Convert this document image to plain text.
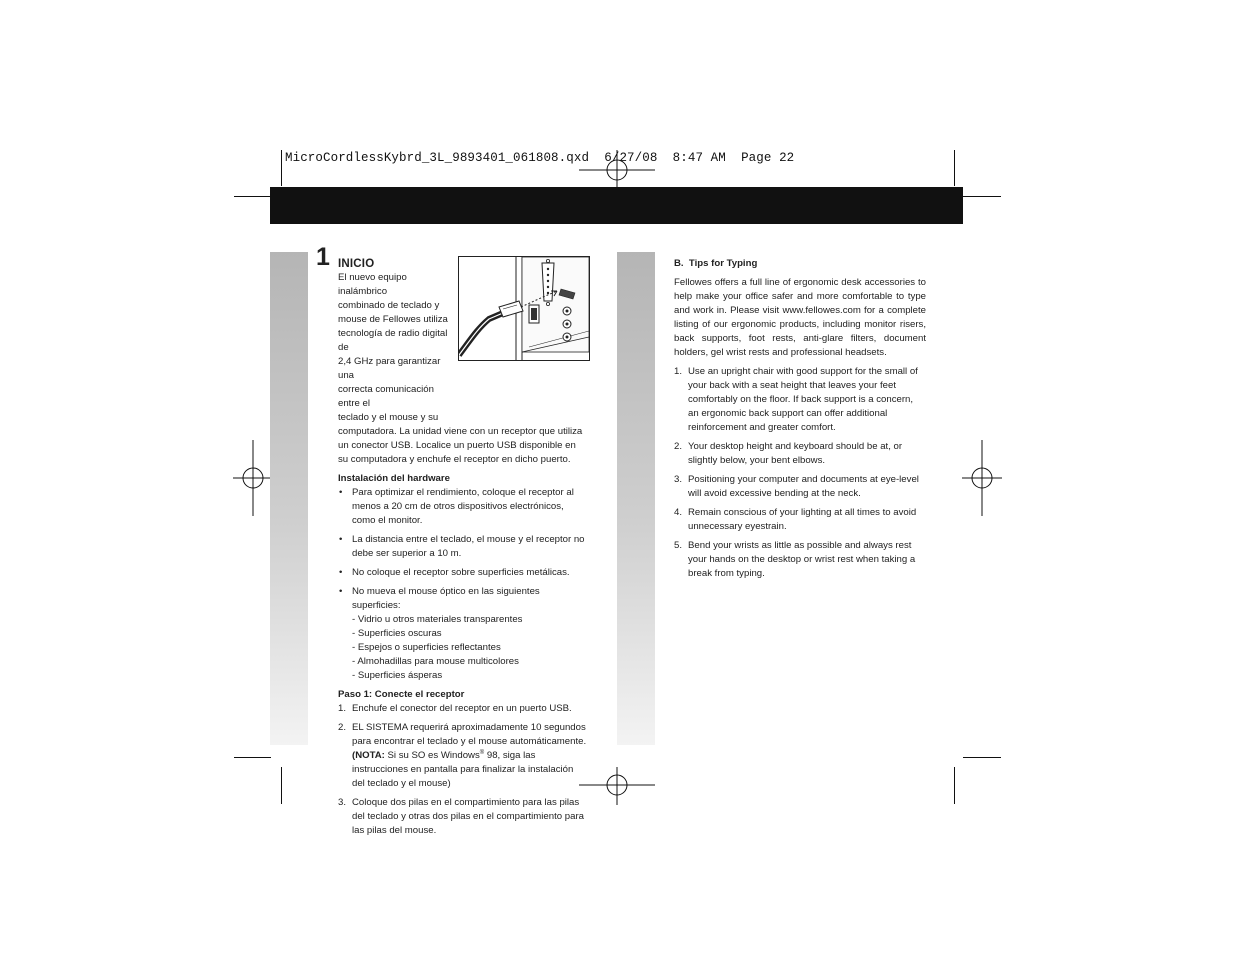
MicroCordlessKybrd_3L_9893401_061808.qxd  6/27/08  8:47 AM  Page 22
1 INICIO

El nuevo equipo inalámbrico
combinado de teclado y
mouse de Fellowes utiliza
tecnología de radio digital de
2,4 GHz para garantizar una
correcta comunicación entre el
teclado y el mouse y su

computadora. La unidad viene con un receptor que utiliza un conector USB. Localice un puerto USB disponible en su computadora y enchufe el receptor en dicho puerto.

Instalación del hardware

• Para optimizar el rendimiento, coloque el receptor al menos a 20 cm de otros dispositivos electrónicos, como el monitor.
• La distancia entre el teclado, el mouse y el receptor no debe ser superior a 10 m.
• No coloque el receptor sobre superficies metálicas.
• No mueva el mouse óptico en las siguientes superficies:
- Vidrio u otros materiales transparentes
- Superficies oscuras
- Espejos o superficies reflectantes
- Almohadillas para mouse multicolores
- Superficies ásperas

Paso 1: Conecte el receptor

1. Enchufe el conector del receptor en un puerto USB.
2. EL SISTEMA requerirá aproximadamente 10 segundos para encontrar el teclado y el mouse automáticamente. (NOTA: Si su SO es Windows® 98, siga las instrucciones en pantalla para finalizar la instalación del teclado y el mouse)
3. Coloque dos pilas en el compartimiento para las pilas del teclado y otras dos pilas en el compartimiento para las pilas del mouse.

B.  Tips for Typing

Fellowes offers a full line of ergonomic desk accessories to help make your office safer and more comfortable to type and work in. Please visit www.fellowes.com for a complete listing of our ergonomic products, including monitor risers, back supports, foot rests, anti-glare filters, document holders, gel wrist rests and professional headsets.

1. Use an upright chair with good support for the small of your back with a seat height that leaves your feet comfortably on the floor. If back support is a concern, an ergonomic back support can offer additional reinforcement and greater comfort.
2. Your desktop height and keyboard should be at, or slightly below, your bent elbows.
3. Positioning your computer and documents at eye-level will avoid excessive bending at the neck.
4. Remain conscious of your lighting at all times to avoid unnecessary eyestrain.
5. Bend your wrists as little as possible and always rest your hands on the desktop or wrist rest when taking a break from typing.
